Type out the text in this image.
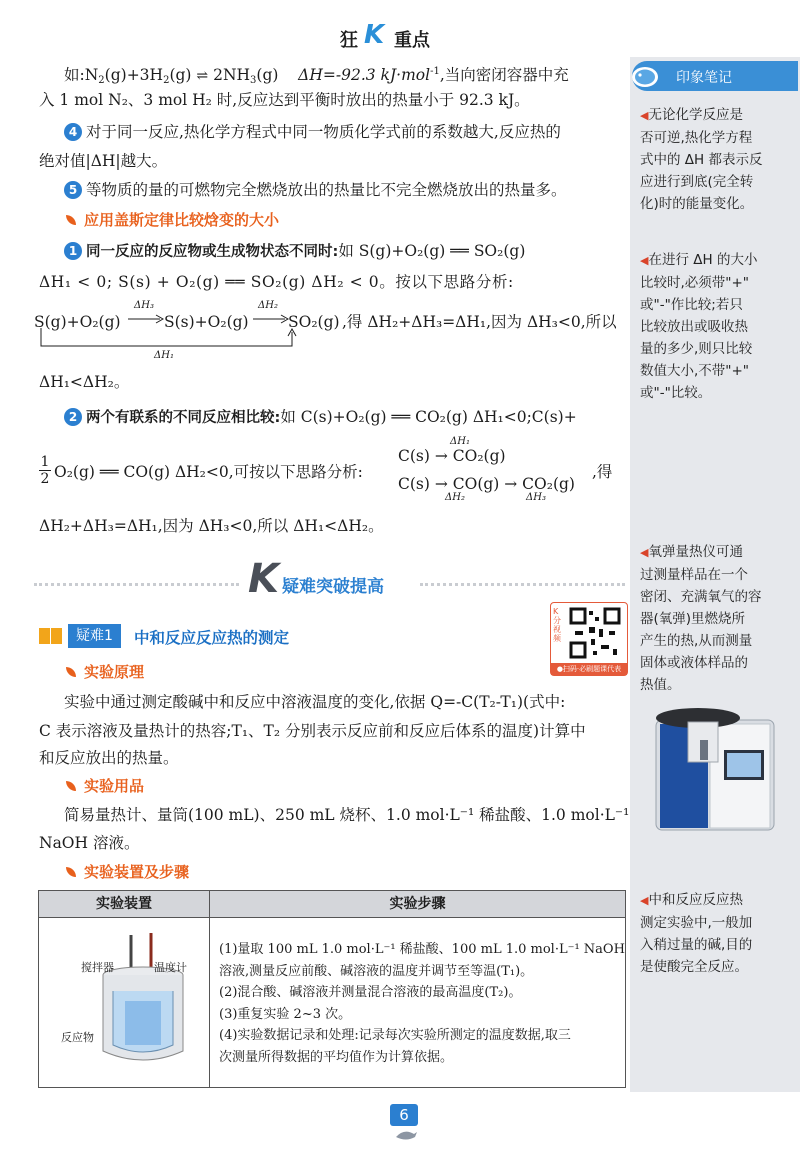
狂 K 重点
印象笔记
◀无论化学反应是
否可逆,热化学方程
式中的 ΔH 都表示反
应进行到底(完全转
化)时的能量变化。
◀在进行 ΔH 的大小
比较时,必须带"+"
或"-"作比较;若只
比较放出或吸收热
量的多少,则只比较
数值大小,不带"+"
或"-"比较。
◀氧弹量热仪可通
过测量样品在一个
密闭、充满氧气的容
器(氧弹)里燃烧所
产生的热,从而测量
固体或液体样品的
热值。
◀中和反应反应热
测定实验中,一般加
入稍过量的碱,目的
是使酸完全反应。
如$:N_2(g)+3H_2(g)$ ⇌ $2NH_3(g)$ ΔH=-92.3 kJ·mol$^{-1}$,当向密闭容器中充
入 1 mol N₂、3 mol H₂ 时,反应达到平衡时放出的热量小于 92.3 kJ。
4 对于同一反应,热化学方程式中同一物质化学式前的系数越大,反应热的
绝对值|ΔH|越大。
5 等物质的量的可燃物完全燃烧放出的热量比不完全燃烧放出的热量多。
应用盖斯定律比较焓变的大小
1 同一反应的反应物或生成物状态不同时:如 S(g)+O₂(g) ══ SO₂(g)
ΔH₁ < 0; S(s) + O₂(g) ══ SO₂(g) ΔH₂ < 0。按以下思路分析:
S(g)+O₂(g)
ΔH₃
→ S(s)+O₂(g)
ΔH₂
→ SO₂(g) ,得 ΔH₂+ΔH₃=ΔH₁,因为 ΔH₃<0,所以
ΔH₁
ΔH₁<ΔH₂。
2 两个有联系的不同反应相比较:如 C(s)+O₂(g) ══ CO₂(g) ΔH₁<0;C(s)+
1
2 O₂(g) ══ CO(g) ΔH₂<0,可按以下思路分析:
C(s) → CO₂(g)
C(s) → CO(g) → CO₂(g)
ΔH₁
ΔH₂	ΔH₃
,得
ΔH₂+ΔH₃=ΔH₁,因为 ΔH₃<0,所以 ΔH₁<ΔH₂。
K 疑难突破提高
K分视频
●扫码·必刷题课代表
疑难1	中和反应反应热的测定
实验原理
实验中通过测定酸碱中和反应中溶液温度的变化,依据 Q=-C(T₂-T₁)(式中:
C 表示溶液及量热计的热容;T₁、T₂ 分别表示反应前和反应后体系的温度)计算中
和反应放出的热量。
实验用品
简易量热计、量筒(100 mL)、250 mL 烧杯、1.0 mol·L⁻¹ 稀盐酸、1.0 mol·L⁻¹
NaOH 溶液。
实验装置及步骤
实验装置	实验步骤
搅拌器	温度计
反应物
(1)量取 100 mL 1.0 mol·L⁻¹ 稀盐酸、100 mL 1.0 mol·L⁻¹ NaOH
溶液,测量反应前酸、碱溶液的温度并调节至等温(T₁)。
(2)混合酸、碱溶液并测量混合溶液的最高温度(T₂)。
(3)重复实验 2~3 次。
(4)实验数据记录和处理:记录每次实验所测定的温度数据,取三
次测量所得数据的平均值作为计算依据。
6
